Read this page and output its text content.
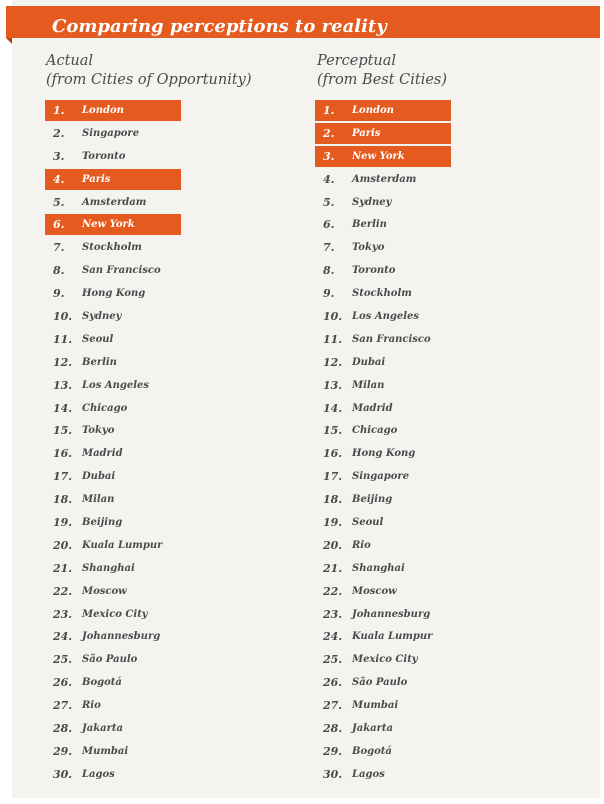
Comparing perceptions to reality
Actual
(from Cities of Opportunity)
Perceptual
(from Best Cities)
1. London
2. Singapore
3. Toronto
4. Paris
5. Amsterdam
6. New York
7. Stockholm
8. San Francisco
9. Hong Kong
10. Sydney
11. Seoul
12. Berlin
13. Los Angeles
14. Chicago
15. Tokyo
16. Madrid
17. Dubai
18. Milan
19. Beijing
20. Kuala Lumpur
21. Shanghai
22. Moscow
23. Mexico City
24. Johannesburg
25. São Paulo
26. Bogotá
27. Rio
28. Jakarta
29. Mumbai
30. Lagos
1. London
2. Paris
3. New York
4. Amsterdam
5. Sydney
6. Berlin
7. Tokyo
8. Toronto
9. Stockholm
10. Los Angeles
11. San Francisco
12. Dubai
13. Milan
14. Madrid
15. Chicago
16. Hong Kong
17. Singapore
18. Beijing
19. Seoul
20. Rio
21. Shanghai
22. Moscow
23. Johannesburg
24. Kuala Lumpur
25. Mexico City
26. São Paulo
27. Mumbai
28. Jakarta
29. Bogotá
30. Lagos
